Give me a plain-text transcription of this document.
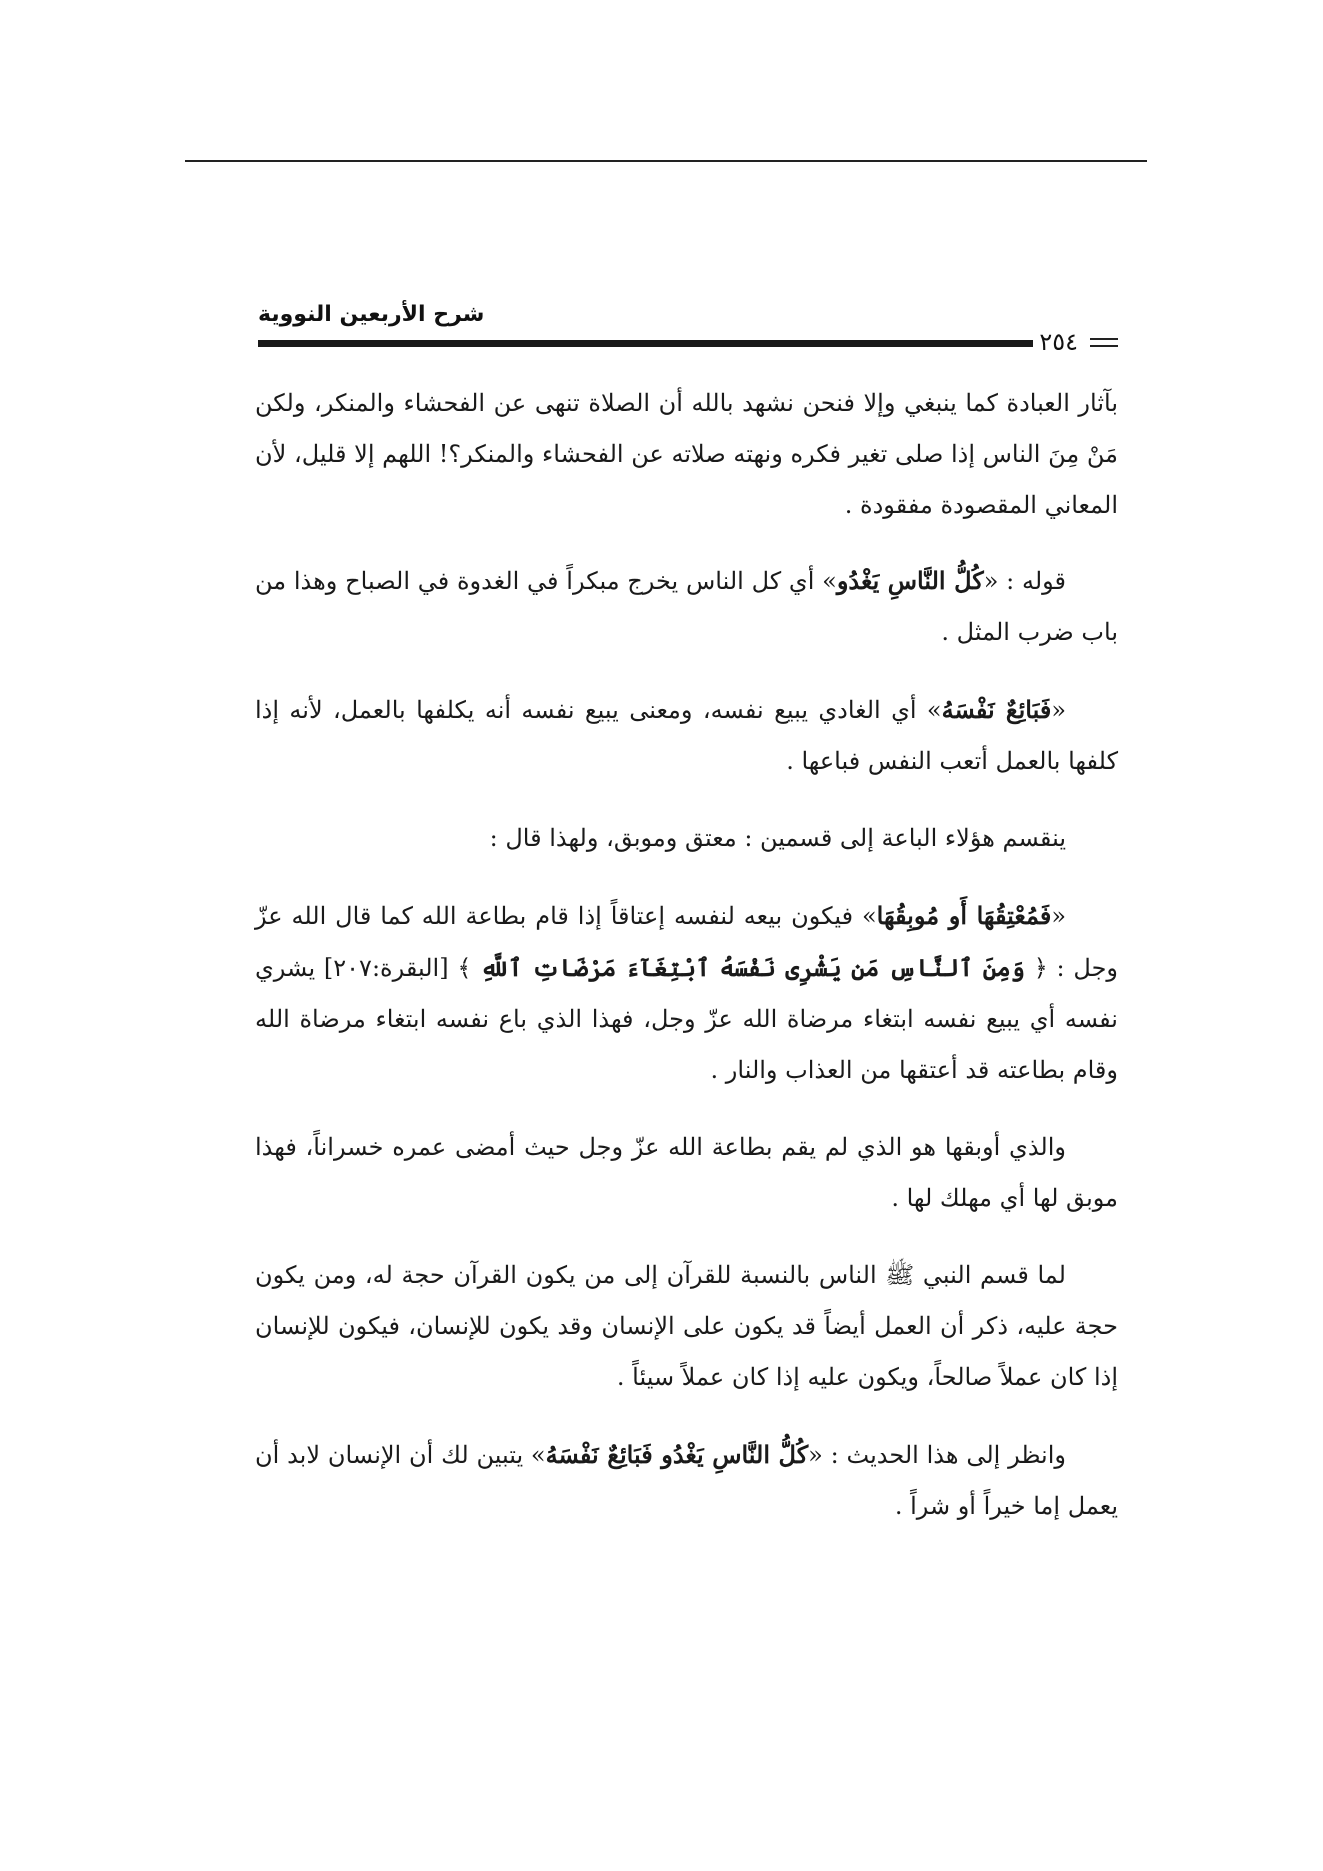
شرح الأربعين النووية
٢٥٤

بآثار العبادة كما ينبغي وإلا فنحن نشهد بالله أن الصلاة تنهى عن الفحشاء والمنكر، ولكن مَنْ مِنَ الناس إذا صلى تغير فكره ونهته صلاته عن الفحشاء والمنكر؟! اللهم إلا قليل، لأن المعاني المقصودة مفقودة .

قوله : «كُلُّ النَّاسِ يَغْدُو» أي كل الناس يخرج مبكراً في الغدوة في الصباح وهذا من باب ضرب المثل .

«فَبَائِعٌ نَفْسَهُ» أي الغادي يبيع نفسه، ومعنى يبيع نفسه أنه يكلفها بالعمل، لأنه إذا كلفها بالعمل أتعب النفس فباعها .

ينقسم هؤلاء الباعة إلى قسمين : معتق وموبق، ولهذا قال :

«فَمُعْتِقُهَا أَو مُوبِقُهَا» فيكون بيعه لنفسه إعتاقاً إذا قام بطاعة الله كما قال الله عزّ وجل : ﴿ وَمِنَ ٱلنَّاسِ مَن يَشْرِى نَفْسَهُ ٱبْتِغَآءَ مَرْضَاتِ ٱللَّهِ ﴾ [البقرة:٢٠٧] يشري نفسه أي يبيع نفسه ابتغاء مرضاة الله عزّ وجل، فهذا الذي باع نفسه ابتغاء مرضاة الله وقام بطاعته قد أعتقها من العذاب والنار .

والذي أوبقها هو الذي لم يقم بطاعة الله عزّ وجل حيث أمضى عمره خسراناً، فهذا موبق لها أي مهلك لها .

لما قسم النبي ﷺ الناس بالنسبة للقرآن إلى من يكون القرآن حجة له، ومن يكون حجة عليه، ذكر أن العمل أيضاً قد يكون على الإنسان وقد يكون للإنسان، فيكون للإنسان إذا كان عملاً صالحاً، ويكون عليه إذا كان عملاً سيئاً .

وانظر إلى هذا الحديث : «كُلُّ النَّاسِ يَغْدُو فَبَائِعٌ نَفْسَهُ» يتبين لك أن الإنسان لابد أن يعمل إما خيراً أو شراً .
